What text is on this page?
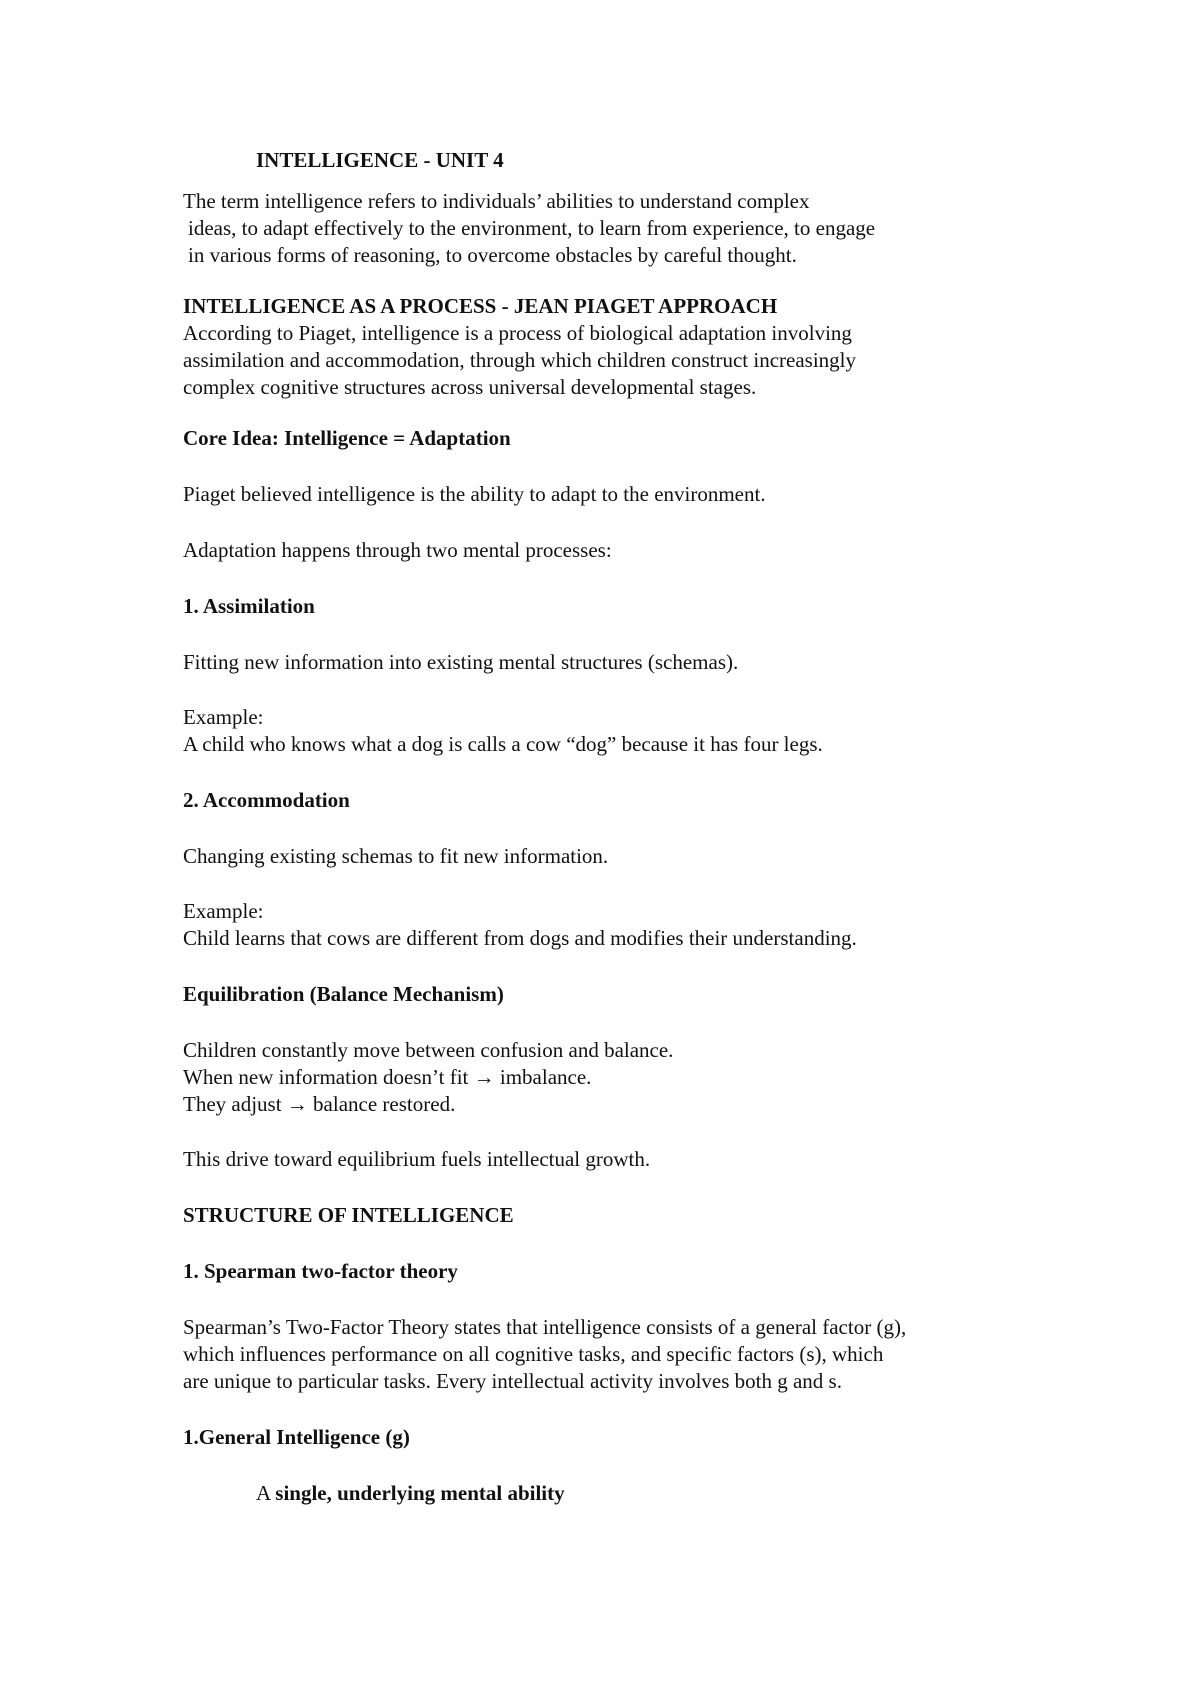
INTELLIGENCE - UNIT 4

The term intelligence refers to individuals’ abilities to understand complex

ideas, to adapt effectively to the environment, to learn from experience, to engage

in various forms of reasoning, to overcome obstacles by careful thought.

INTELLIGENCE AS A PROCESS - JEAN PIAGET APPROACH

According to Piaget, intelligence is a process of biological adaptation involving

assimilation and accommodation, through which children construct increasingly

complex cognitive structures across universal developmental stages.

Core Idea: Intelligence = Adaptation

Piaget believed intelligence is the ability to adapt to the environment.

Adaptation happens through two mental processes:

1. Assimilation

Fitting new information into existing mental structures (schemas).

Example:

A child who knows what a dog is calls a cow “dog” because it has four legs.

2. Accommodation

Changing existing schemas to fit new information.

Example:

Child learns that cows are different from dogs and modifies their understanding.

Equilibration (Balance Mechanism)

Children constantly move between confusion and balance.

When new information doesn’t fit → imbalance.

They adjust → balance restored.

This drive toward equilibrium fuels intellectual growth.

STRUCTURE OF INTELLIGENCE

1. Spearman two-factor theory

Spearman’s Two-Factor Theory states that intelligence consists of a general factor (g),

which influences performance on all cognitive tasks, and specific factors (s), which

are unique to particular tasks. Every intellectual activity involves both g and s.

1.General Intelligence (g)

A single, underlying mental ability
